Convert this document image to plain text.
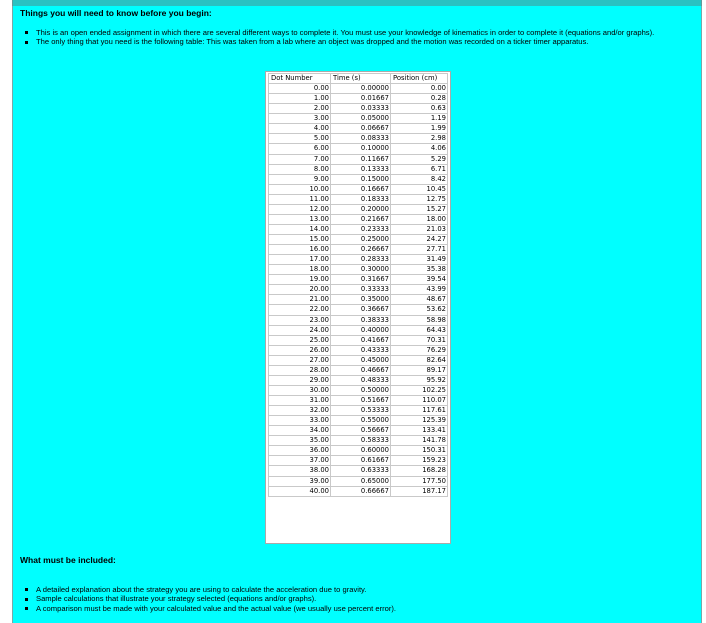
Things you will need to know before you begin:
This is an open ended assignment in which there are several different ways to complete it. You must use your knowledge of kinematics in order to complete it (equations and/or graphs).
The only thing that you need is the following table: This was taken from a lab where an object was dropped and the motion was recorded on a ticker timer apparatus.
Dot Number	Time (s)	Position (cm)
0.00	0.00000	0.00
1.00	0.01667	0.28
2.00	0.03333	0.63
3.00	0.05000	1.19
4.00	0.06667	1.99
5.00	0.08333	2.98
6.00	0.10000	4.06
7.00	0.11667	5.29
8.00	0.13333	6.71
9.00	0.15000	8.42
10.00	0.16667	10.45
11.00	0.18333	12.75
12.00	0.20000	15.27
13.00	0.21667	18.00
14.00	0.23333	21.03
15.00	0.25000	24.27
16.00	0.26667	27.71
17.00	0.28333	31.49
18.00	0.30000	35.38
19.00	0.31667	39.54
20.00	0.33333	43.99
21.00	0.35000	48.67
22.00	0.36667	53.62
23.00	0.38333	58.98
24.00	0.40000	64.43
25.00	0.41667	70.31
26.00	0.43333	76.29
27.00	0.45000	82.64
28.00	0.46667	89.17
29.00	0.48333	95.92
30.00	0.50000	102.25
31.00	0.51667	110.07
32.00	0.53333	117.61
33.00	0.55000	125.39
34.00	0.56667	133.41
35.00	0.58333	141.78
36.00	0.60000	150.31
37.00	0.61667	159.23
38.00	0.63333	168.28
39.00	0.65000	177.50
40.00	0.66667	187.17
What must be included:
A detailed explanation about the strategy you are using to calculate the acceleration due to gravity.
Sample calculations that illustrate your strategy selected (equations and/or graphs).
A comparison must be made with your calculated value and the actual value (we usually use percent error).
